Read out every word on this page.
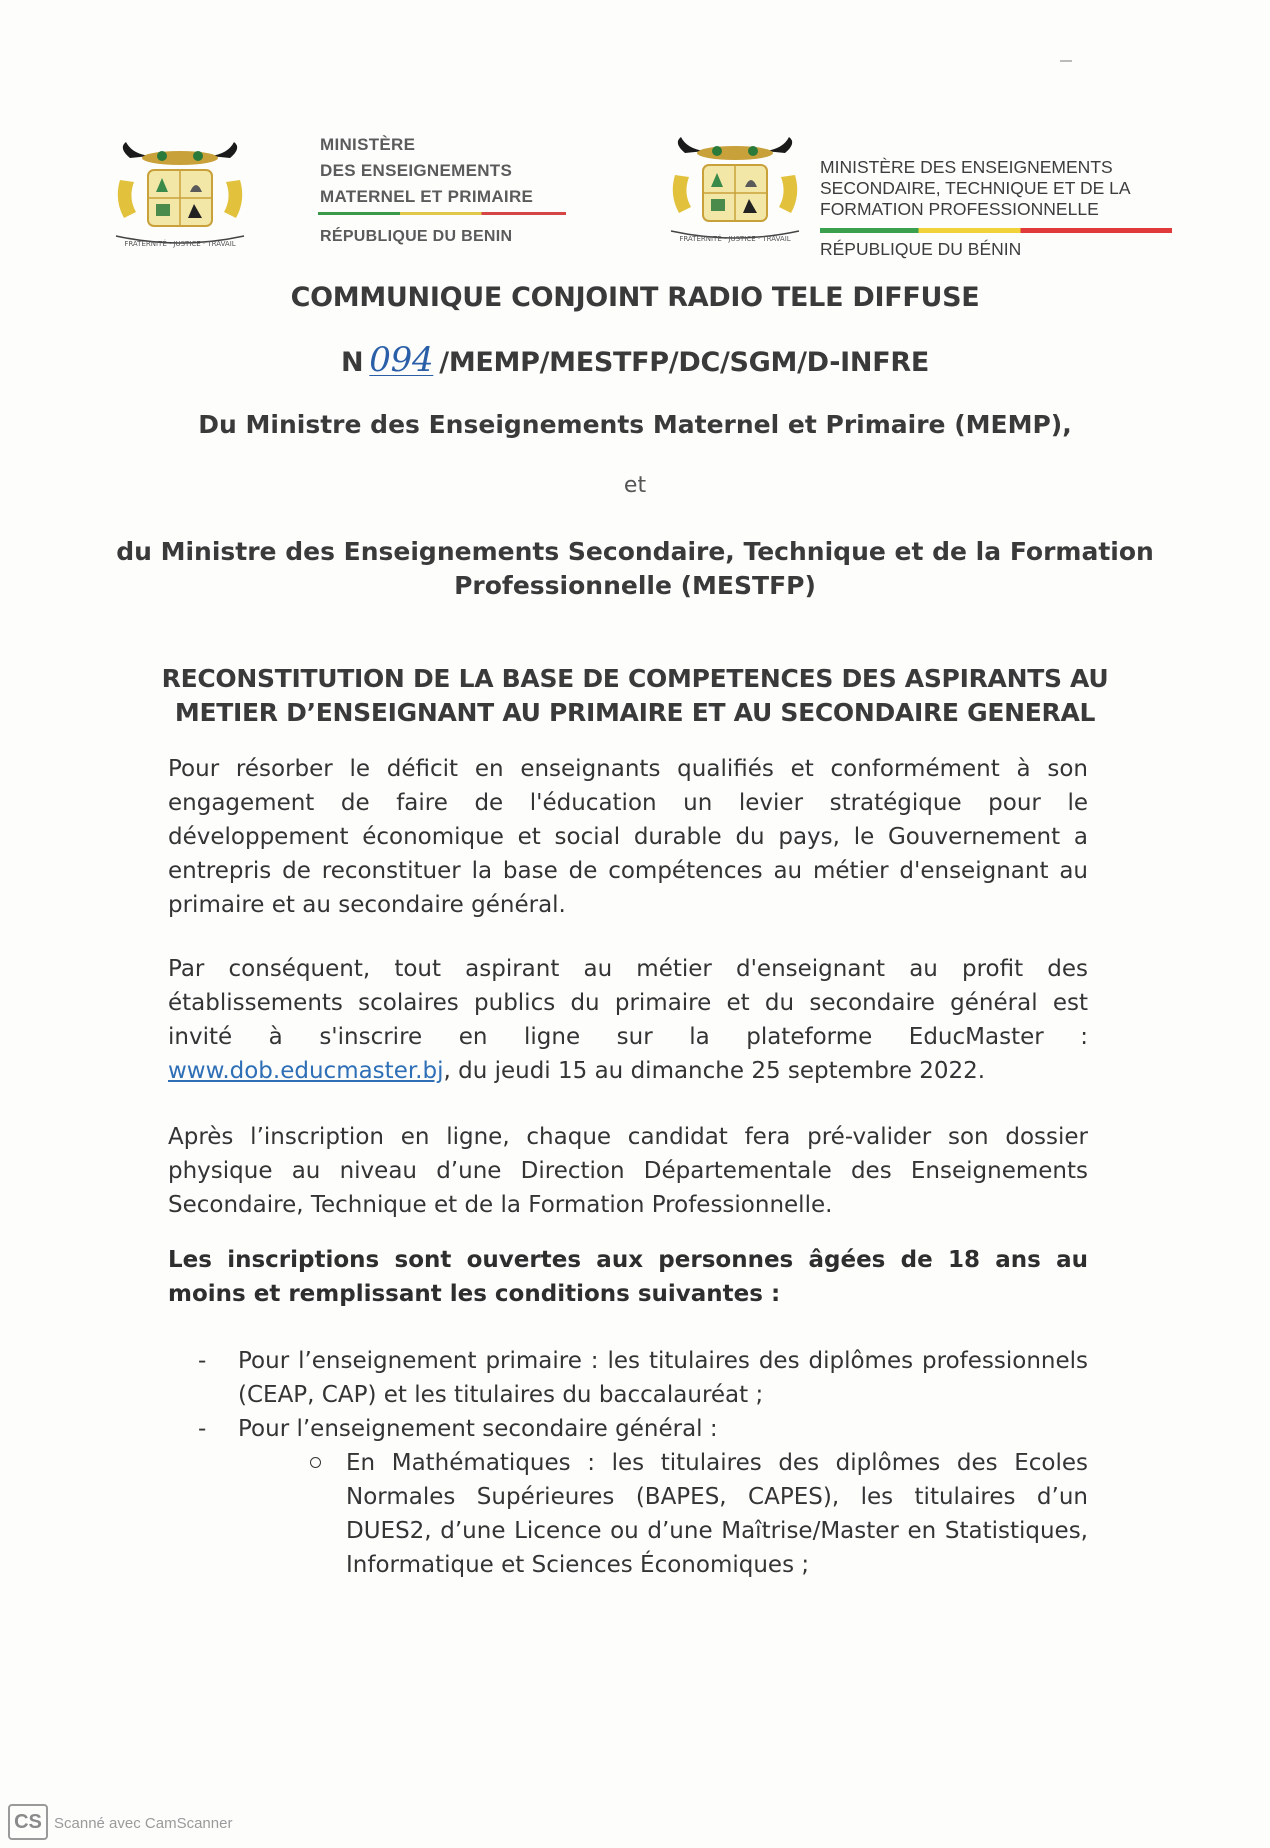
FRATERNITÉ · JUSTICE · TRAVAIL
MINISTÈRE
DES ENSEIGNEMENTS
MATERNEL ET PRIMAIRE
RÉPUBLIQUE DU BENIN	FRATERNITÉ · JUSTICE · TRAVAIL
MINISTÈRE DES ENSEIGNEMENTS
SECONDAIRE, TECHNIQUE ET DE LA
FORMATION PROFESSIONNELLE
RÉPUBLIQUE DU BÉNIN
COMMUNIQUE CONJOINT RADIO TELE DIFFUSE
N 094 /MEMP/MESTFP/DC/SGM/D-INFRE
Du Ministre des Enseignements Maternel et Primaire (MEMP),
et
du Ministre des Enseignements Secondaire, Technique et de la Formation
Professionnelle (MESTFP)
RECONSTITUTION DE LA BASE DE COMPETENCES DES ASPIRANTS AU
METIER D’ENSEIGNANT AU PRIMAIRE ET AU SECONDAIRE GENERAL

Pour résorber le déficit en enseignants qualifiés et conformément à son engagement de faire de l'éducation un levier stratégique pour le développement économique et social durable du pays, le Gouvernement a entrepris de reconstituer la base de compétences au métier d'enseignant au primaire et au secondaire général.

Par conséquent, tout aspirant au métier d'enseignant au profit des établissements scolaires publics du primaire et du secondaire général est invité à s'inscrire en ligne sur la plateforme EducMaster : www.dob.educmaster.bj, du jeudi 15 au dimanche 25 septembre 2022.

Après l’inscription en ligne, chaque candidat fera pré-valider son dossier physique au niveau d’une Direction Départementale des Enseignements Secondaire, Technique et de la Formation Professionnelle.

Les inscriptions sont ouvertes aux personnes âgées de 18 ans au moins et remplissant les conditions suivantes :

- Pour l’enseignement primaire : les titulaires des diplômes professionnels (CEAP, CAP) et les titulaires du baccalauréat ;
- Pour l’enseignement secondaire général :
En Mathématiques : les titulaires des diplômes des Ecoles Normales Supérieures (BAPES, CAPES), les titulaires d’un DUES2, d’une Licence ou d’une Maîtrise/Master en Statistiques, Informatique et Sciences Économiques ;
CS Scanné avec CamScanner
